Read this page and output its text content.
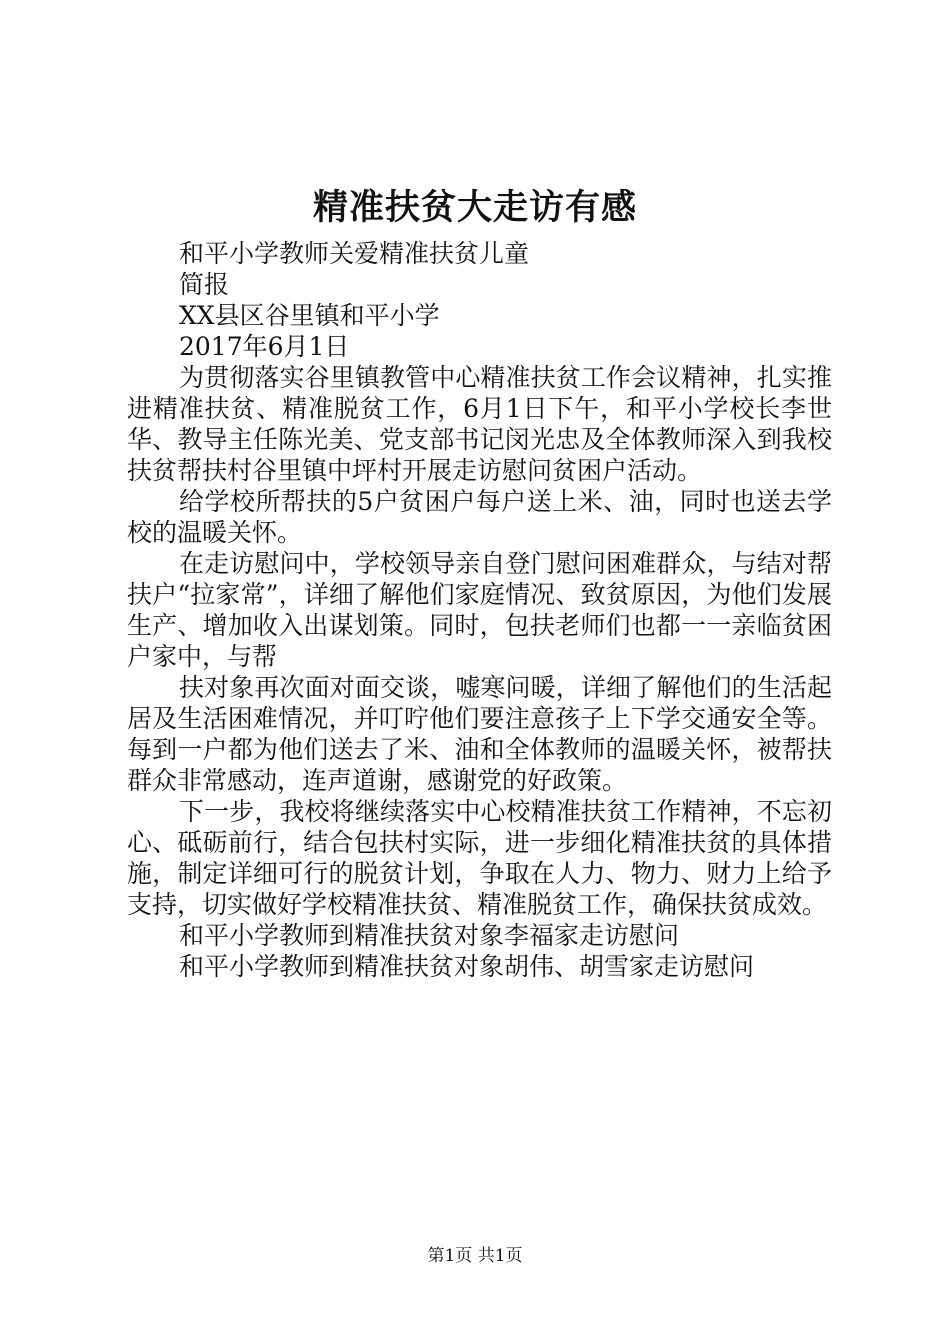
精准扶贫大走访有感

和平小学教师关爱精准扶贫儿童

简报

XX县区谷里镇和平小学

2017年6月1日

为贯彻落实谷里镇教管中心精准扶贫工作会议精神，扎实推进精准扶贫、精准脱贫工作，6月1日下午，和平小学校长李世华、教导主任陈光美、党支部书记闵光忠及全体教师深入到我校扶贫帮扶村谷里镇中坪村开展走访慰问贫困户活动。

给学校所帮扶的5户贫困户每户送上米、油，同时也送去学校的温暖关怀。

在走访慰问中，学校领导亲自登门慰问困难群众，与结对帮扶户“拉家常”，详细了解他们家庭情况、致贫原因，为他们发展生产、增加收入出谋划策。同时，包扶老师们也都一一亲临贫困户家中，与帮

扶对象再次面对面交谈，嘘寒问暖，详细了解他们的生活起居及生活困难情况，并叮咛他们要注意孩子上下学交通安全等。每到一户都为他们送去了米、油和全体教师的温暖关怀，被帮扶群众非常感动，连声道谢，感谢党的好政策。

下一步，我校将继续落实中心校精准扶贫工作精神，不忘初心、砥砺前行，结合包扶村实际，进一步细化精准扶贫的具体措施，制定详细可行的脱贫计划，争取在人力、物力、财力上给予支持，切实做好学校精准扶贫、精准脱贫工作，确保扶贫成效。

和平小学教师到精准扶贫对象李福家走访慰问

和平小学教师到精准扶贫对象胡伟、胡雪家走访慰问

第1页 共1页
